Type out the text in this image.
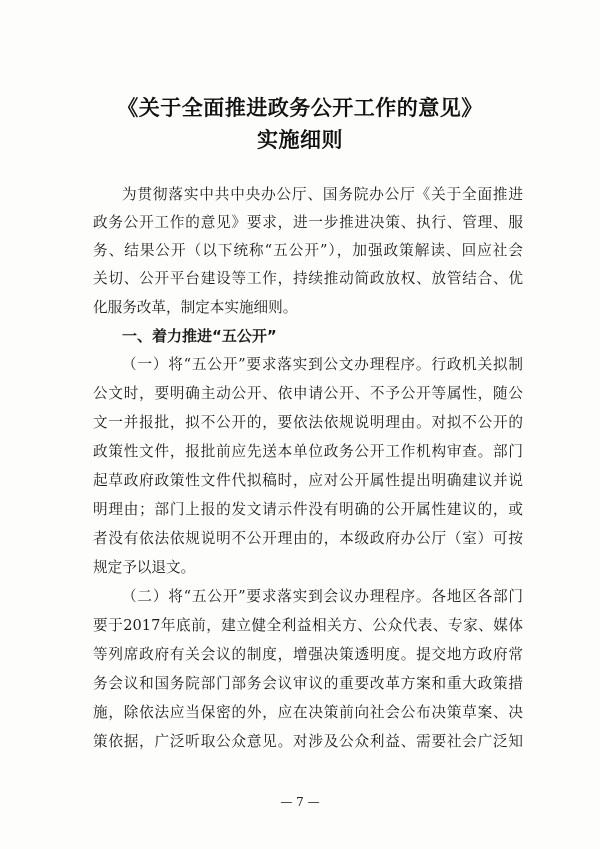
《关于全面推进政务公开工作的意见》
实施细则
为贯彻落实中共中央办公厅、国务院办公厅《关于全面推进
政务公开工作的意见》要求，进一步推进决策、执行、管理、服
务、结果公开（以下统称“五公开”），加强政策解读、回应社会
关切、公开平台建设等工作，持续推动简政放权、放管结合、优
化服务改革，制定本实施细则。
一、着力推进“五公开”
（一）将“五公开”要求落实到公文办理程序。行政机关拟制
公文时，要明确主动公开、依申请公开、不予公开等属性，随公
文一并报批，拟不公开的，要依法依规说明理由。对拟不公开的
政策性文件，报批前应先送本单位政务公开工作机构审查。部门
起草政府政策性文件代拟稿时，应对公开属性提出明确建议并说
明理由；部门上报的发文请示件没有明确的公开属性建议的，或
者没有依法依规说明不公开理由的，本级政府办公厅（室）可按
规定予以退文。
（二）将“五公开”要求落实到会议办理程序。各地区各部门
要于2017年底前，建立健全利益相关方、公众代表、专家、媒体
等列席政府有关会议的制度，增强决策透明度。提交地方政府常
务会议和国务院部门部务会议审议的重要改革方案和重大政策措
施，除依法应当保密的外，应在决策前向社会公布决策草案、决
策依据，广泛听取公众意见。对涉及公众利益、需要社会广泛知
— 7 —
